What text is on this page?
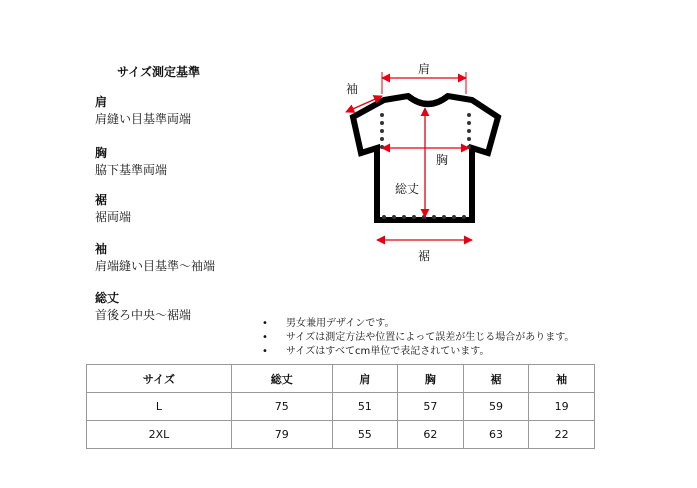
サイズ測定基準
肩
肩縫い目基準両端
胸
脇下基準両端
裾
裾両端
袖
肩端縫い目基準～袖端
総丈
首後ろ中央～裾端
肩
袖
胸
総丈
裾
• 男女兼用デザインです。
• サイズは測定方法や位置によって誤差が生じる場合があります。
• サイズはすべてcm単位で表記されています。
サイズ	総丈	肩	胸	裾	袖
L	75	51	57	59	19
2XL	79	55	62	63	22
